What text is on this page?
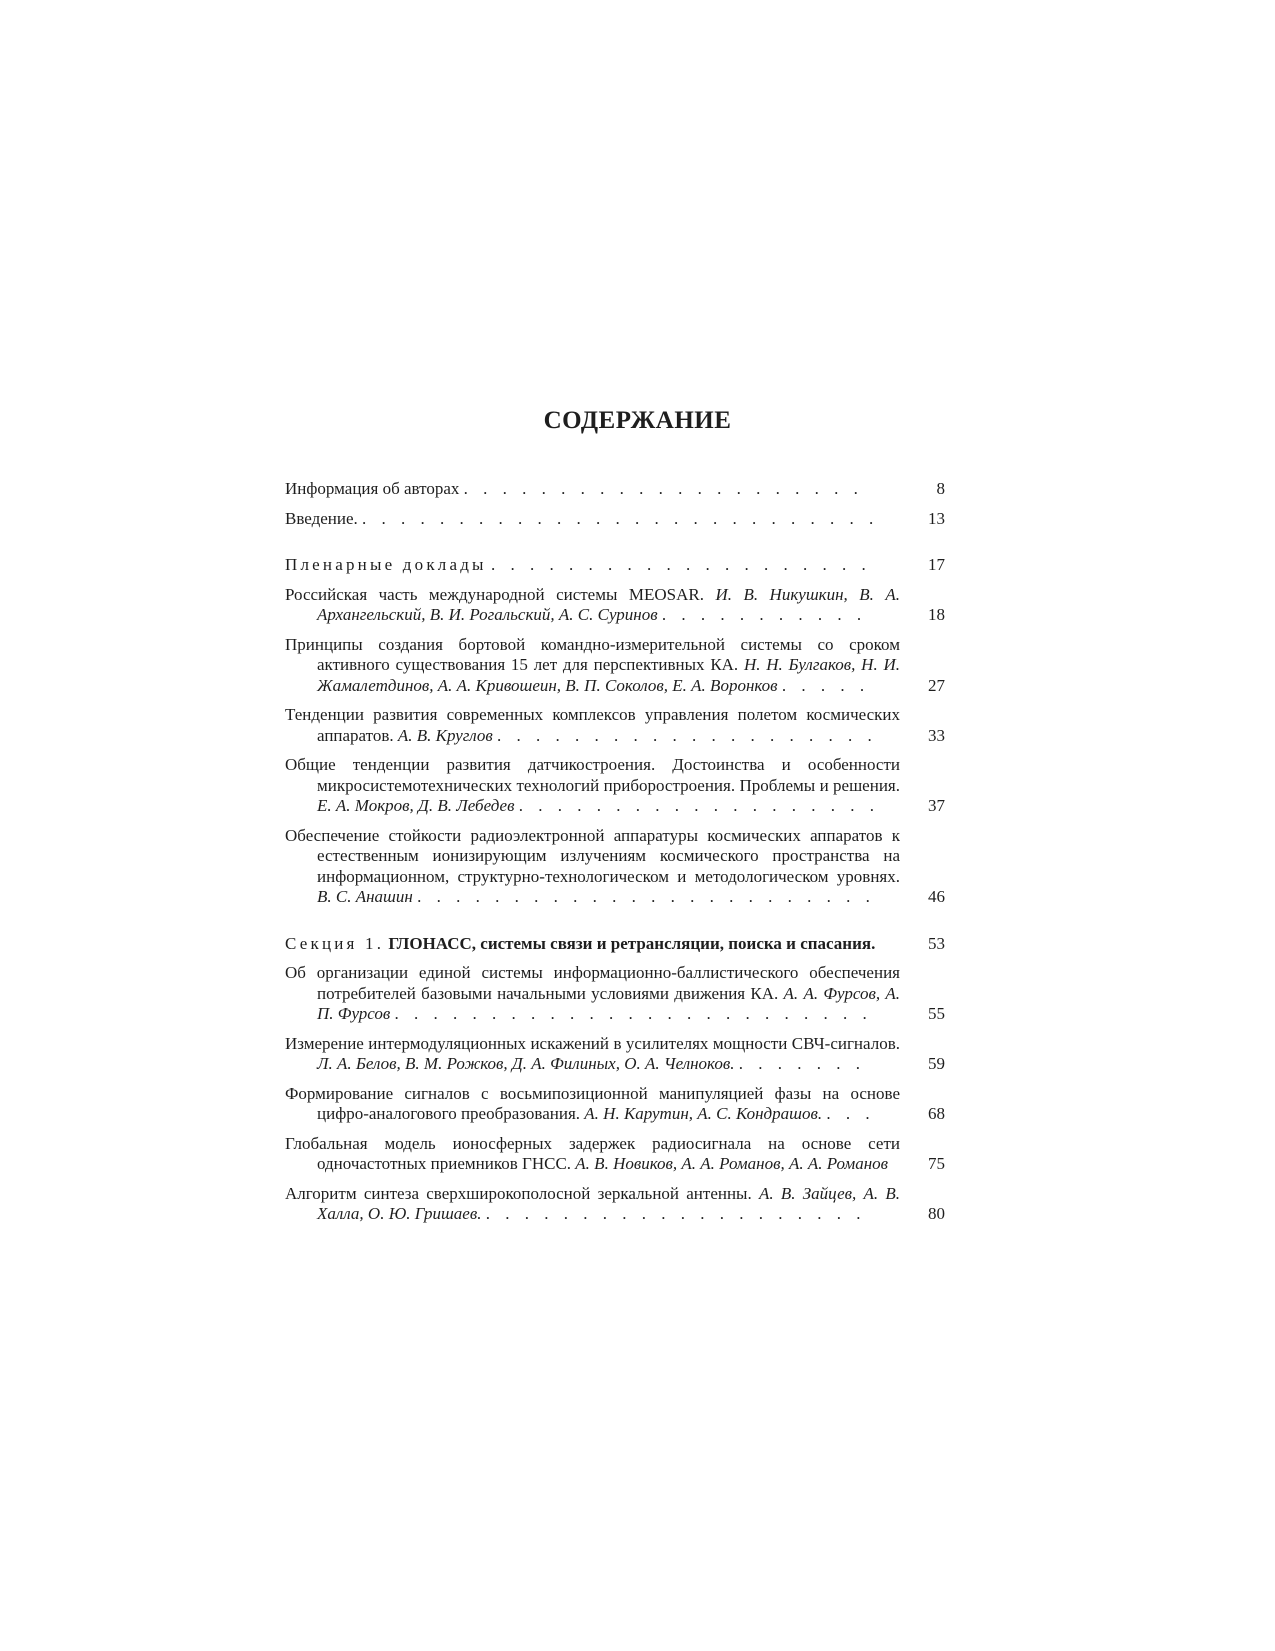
СОДЕРЖАНИЕ
Информация об авторах . . . . . . . . . . . . . . . . . . . . .	8
Введение. . . . . . . . . . . . . . . . . . . . . . . . . . . .	13
Пленарные доклады . . . . . . . . . . . . . . . . . . . .	17
Российская часть международной системы MEOSAR. И. В. Никушкин, В. А. Архангельский, В. И. Рогальский, А. С. Суринов . . . . . . . . . . .	18
Принципы создания бортовой командно-измерительной системы со сроком активного существования 15 лет для перспективных КА. Н. Н. Булгаков, Н. И. Жамалетдинов, А. А. Кривошеин, В. П. Соколов, Е. А. Воронков . . . . .	27
Тенденции развития современных комплексов управления полетом космических аппаратов. А. В. Круглов . . . . . . . . . . . . . . . . . . . .	33
Общие тенденции развития датчикостроения. Достоинства и особенности микросистемотехнических технологий приборостроения. Проблемы и решения. Е. А. Мокров, Д. В. Лебедев . . . . . . . . . . . . . . . . . . .	37
Обеспечение стойкости радиоэлектронной аппаратуры космических аппаратов к естественным ионизирующим излучениям космического пространства на информационном, структурно-технологическом и методологическом уровнях. В. С. Анашин . . . . . . . . . . . . . . . . . . . . . . . .	46
Секция 1. ГЛОНАСС, системы связи и ретрансляции, поиска и спасания.	53
Об организации единой системы информационно-баллистического обеспечения потребителей базовыми начальными условиями движения КА. А. А. Фурсов, А. П. Фурсов . . . . . . . . . . . . . . . . . . . . . . . . .	55
Измерение интермодуляционных искажений в усилителях мощности СВЧ-сигналов. Л. А. Белов, В. М. Рожков, Д. А. Филиных, О. А. Челноков. . . . . . . .	59
Формирование сигналов с восьмипозиционной манипуляцией фазы на основе цифро-аналогового преобразования. А. Н. Карутин, А. С. Кондрашов. . . .	68
Глобальная модель ионосферных задержек радиосигнала на основе сети одночастотных приемников ГНСС. А. В. Новиков, А. А. Романов, А. А. Романов	75
Алгоритм синтеза сверхширокополосной зеркальной антенны. А. В. Зайцев, А. В. Халла, О. Ю. Гришаев. . . . . . . . . . . . . . . . . . . . .	80
